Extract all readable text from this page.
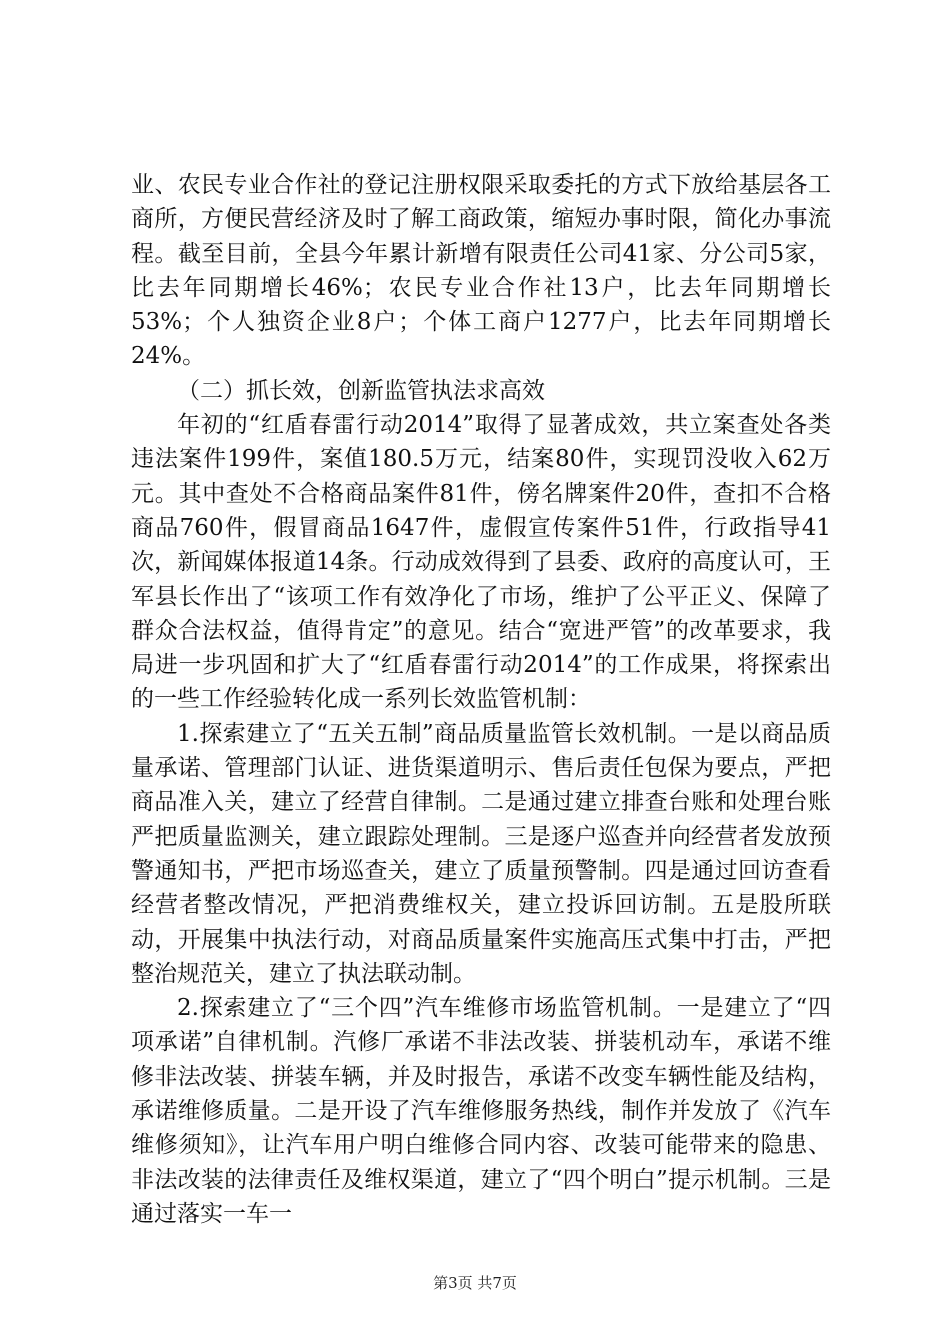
业、农民专业合作社的登记注册权限采取委托的方式下放给基层各工商所，方便民营经济及时了解工商政策，缩短办事时限，简化办事流程。截至目前，全县今年累计新增有限责任公司41家、分公司5家，比去年同期增长46%；农民专业合作社13户，比去年同期增长53%；个人独资企业8户；个体工商户1277户，比去年同期增长24%。

（二）抓长效，创新监管执法求高效

年初的“红盾春雷行动2014”取得了显著成效，共立案查处各类违法案件199件，案值180.5万元，结案80件，实现罚没收入62万元。其中查处不合格商品案件81件，傍名牌案件20件，查扣不合格商品760件，假冒商品1647件，虚假宣传案件51件，行政指导41次，新闻媒体报道14条。行动成效得到了县委、政府的高度认可，王军县长作出了“该项工作有效净化了市场，维护了公平正义、保障了群众合法权益，值得肯定”的意见。结合“宽进严管”的改革要求，我局进一步巩固和扩大了“红盾春雷行动2014”的工作成果，将探索出的一些工作经验转化成一系列长效监管机制：

1.探索建立了“五关五制”商品质量监管长效机制。一是以商品质量承诺、管理部门认证、进货渠道明示、售后责任包保为要点，严把商品准入关，建立了经营自律制。二是通过建立排查台账和处理台账严把质量监测关，建立跟踪处理制。三是逐户巡查并向经营者发放预警通知书，严把市场巡查关，建立了质量预警制。四是通过回访查看经营者整改情况，严把消费维权关，建立投诉回访制。五是股所联动，开展集中执法行动，对商品质量案件实施高压式集中打击，严把整治规范关，建立了执法联动制。

2.探索建立了“三个四”汽车维修市场监管机制。一是建立了“四项承诺”自律机制。汽修厂承诺不非法改装、拼装机动车，承诺不维修非法改装、拼装车辆，并及时报告，承诺不改变车辆性能及结构，承诺维修质量。二是开设了汽车维修服务热线，制作并发放了《汽车维修须知》，让汽车用户明白维修合同内容、改装可能带来的隐患、非法改装的法律责任及维权渠道，建立了“四个明白”提示机制。三是通过落实一车一

第3页 共7页
